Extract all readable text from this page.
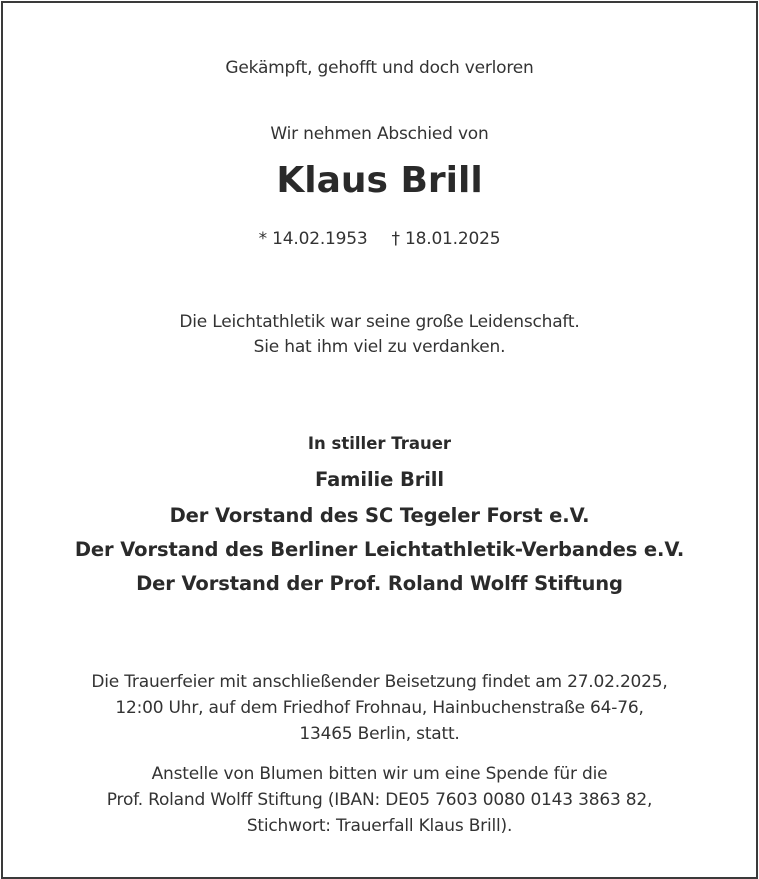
Gekämpft, gehofft und doch verloren
Wir nehmen Abschied von
Klaus Brill
* 14.02.1953 † 18.01.2025
Die Leichtathletik war seine große Leidenschaft.
Sie hat ihm viel zu verdanken.
In stiller Trauer
Familie Brill
Der Vorstand des SC Tegeler Forst e.V.
Der Vorstand des Berliner Leichtathletik-Verbandes e.V.
Der Vorstand der Prof. Roland Wolff Stiftung
Die Trauerfeier mit anschließender Beisetzung findet am 27.02.2025,
12:00 Uhr, auf dem Friedhof Frohnau, Hainbuchenstraße 64-76,
13465 Berlin, statt.
Anstelle von Blumen bitten wir um eine Spende für die
Prof. Roland Wolff Stiftung (IBAN: DE05 7603 0080 0143 3863 82,
Stichwort: Trauerfall Klaus Brill).
